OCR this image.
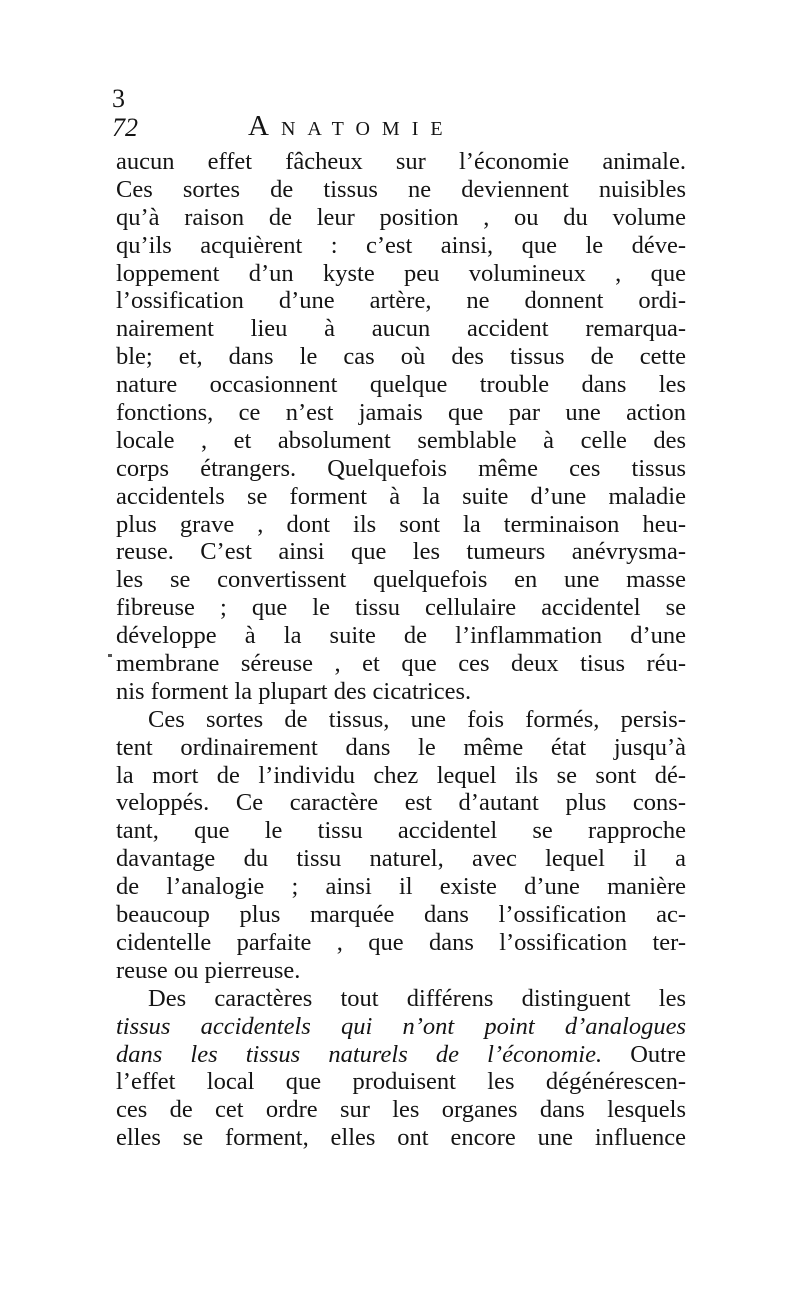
3
72	Anatomie
aucun effet fâcheux sur l’économie animale.
Ces sortes de tissus ne deviennent nuisibles
qu’à raison de leur position , ou du volume
qu’ils acquièrent : c’est ainsi, que le déve-
loppement d’un kyste peu volumineux , que
l’ossification d’une artère, ne donnent ordi-
nairement lieu à aucun accident remarqua-
ble; et, dans le cas où des tissus de cette
nature occasionnent quelque trouble dans les
fonctions, ce n’est jamais que par une action
locale , et absolument semblable à celle des
corps étrangers. Quelquefois même ces tissus
accidentels se forment à la suite d’une maladie
plus grave , dont ils sont la terminaison heu-
reuse. C’est ainsi que les tumeurs anévrysma-
les se convertissent quelquefois en une masse
fibreuse ; que le tissu cellulaire accidentel se
développe à la suite de l’inflammation d’une
membrane séreuse , et que ces deux tisus réu-
nis forment la plupart des cicatrices.
Ces sortes de tissus, une fois formés, persis-
tent ordinairement dans le même état jusqu’à
la mort de l’individu chez lequel ils se sont dé-
veloppés. Ce caractère est d’autant plus cons-
tant, que le tissu accidentel se rapproche
davantage du tissu naturel, avec lequel il a
de l’analogie ; ainsi il existe d’une manière
beaucoup plus marquée dans l’ossification ac-
cidentelle parfaite , que dans l’ossification ter-
reuse ou pierreuse.
Des caractères tout différens distinguent les
tissus accidentels qui n’ont point d’analogues
dans les tissus naturels de l’économie. Outre
l’effet local que produisent les dégénérescen-
ces de cet ordre sur les organes dans lesquels
elles se forment, elles ont encore une influence
